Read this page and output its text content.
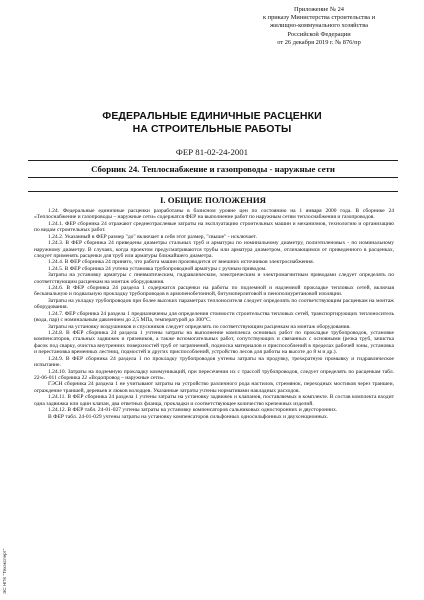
Приложение № 24
к приказу Министерства строительства и
жилищно-коммунального хозяйства
Российской Федерации
от 26 декабря 2019 г. № 876/пр
ФЕДЕРАЛЬНЫЕ ЕДИНИЧНЫЕ РАСЦЕНКИ
НА СТРОИТЕЛЬНЫЕ РАБОТЫ
ФЕР 81-02-24-2001
Сборник 24. Теплоснабжение и газопроводы - наружные сети
I. ОБЩИЕ ПОЛОЖЕНИЯ

1.24. Федеральные единичные расценки разработаны в базисном уровне цен по состоянию на 1 января 2000 года. В сборнике 24 «Теплоснабжение и газопроводы – наружные сети» содержатся ФЕР на выполнение работ по наружным сетям теплоснабжения и газопроводов.

1.24.1. ФЕР сборника 24 отражают среднеотраслевые затраты на эксплуатацию строительных машин и механизмов, технологию и организацию по видам строительных работ.

1.24.2. Указанный в ФЕР размер "до" включает в себя этот размер, "свыше" - исключает.

1.24.3. В ФЕР сборника 24 приведены диаметры стальных труб и арматуры по номинальному диаметру, полиэтиленовых - по номинальному наружному диаметру. В случаях, когда проектом предусматриваются трубы или арматура диаметром, отличающимся от приведенного в расценках, следует применять расценки для труб или арматуры ближайшего диаметра.

1.24.4. В ФЕР сборника 24 принято, что работа машин производится от внешних источников электроснабжения.

1.24.5. В ФЕР сборника 24 учтена установка трубопроводной арматуры с ручным приводом.

Затраты на установку арматуры с пневматическим, гидравлическим, электрическим и электромагнитным приводами следует определять по соответствующим расценкам на монтаж оборудования.

1.24.6. В ФЕР сборника 24 раздела 1 содержатся расценки на работы по подземной и надземной прокладке тепловых сетей, включая бесканальную и подвальную прокладку трубопроводов в армопенобетонной, битумоперлитовой и пенополиуретановой изоляции.

Затраты на укладку трубопроводов при более высоких параметрах теплоносителя следует определять по соответствующим расценкам на монтаж оборудования.

1.24.7. ФЕР сборника 24 раздела 1 предназначены для определения стоимости строительства тепловых сетей, транспортирующих теплоноситель (вода, пар) с номинальным давлением до 2,5 МПа, температурой до 300°С.

Затраты на установку воздушников и спускников следует определять по соответствующим расценкам на монтаж оборудования.

1.24.8. В ФЕР сборника 24 раздела 1 учтены затраты на выполнение комплекса основных работ по прокладке трубопроводов, установке компенсаторов, стальных задвижек и грязевиков, а также вспомогательных работ, сопутствующих и связанных с основными (резка труб, зачистка фасок под сварку, очистка внутренних поверхностей труб от загрязнений, подноска материалов и приспособлений в пределах рабочей зоны, установка и перестановка временных лестниц, подмостей и других приспособлений, устройство лесов для работы на высоте до 8 м и др.).

1.24.9. В ФЕР сборника 24 раздела 1 по прокладку трубопроводов учтены затраты на продувку, трехкратную промывку и гидравлическое испытание.

1.24.10. Затраты на подземную прокладку коммуникаций, при пересечении их с трассой трубопроводов, следует определять по расценкам табл. 22-06-011 сборника 22 «Водопровод – наружные сети».

ГЭСН сборника 24 раздела 1 не учитывают затраты на устройство различного рода настилов, стремянок, переходных мостиков через траншеи, ограждение траншей, деревьев и люков колодцев. Указанные затраты учтены нормативами накладных расходов.

1.24.11. В ФЕР сборника 24 раздела 1 учтены затраты на установку задвижек и клапанов, поставляемых в комплекте. В состав комплекта входит одна задвижка или один клапан, два ответных фланца, прокладки и соответствующее количество крепежных изделий.

1.24.12. В ФЕР табл. 24-01-027 учтены затраты на установку компенсаторов сальниковых односторонних и двусторонних.

В ФЕР табл. 24-01-029 учтены затраты на установку компенсаторов сильфонных односильфонных и двухсекционных.

ЭС НПК "Техэксперт"
